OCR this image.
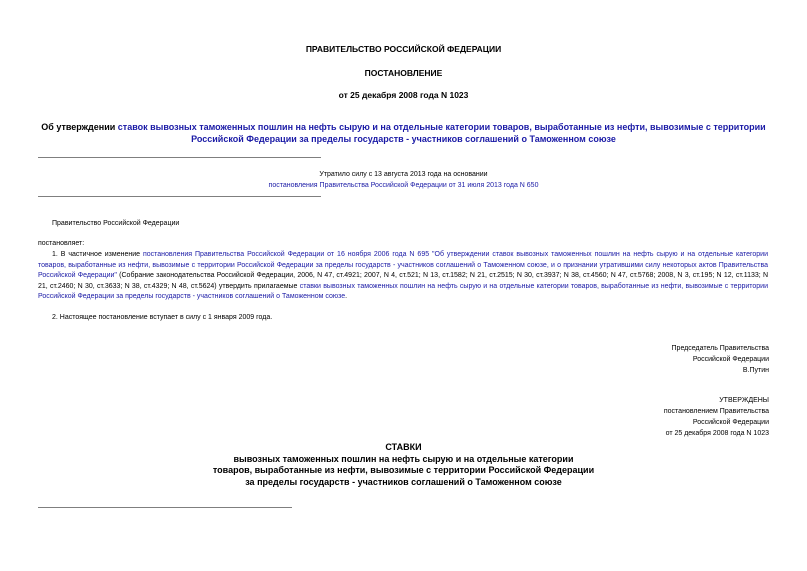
ПРАВИТЕЛЬСТВО РОССИЙСКОЙ ФЕДЕРАЦИИ
ПОСТАНОВЛЕНИЕ
от 25 декабря 2008 года N 1023
Об утверждении ставок вывозных таможенных пошлин на нефть сырую и на отдельные категории товаров, выработанные из нефти, вывозимые с территории
Российской Федерации за пределы государств - участников соглашений о Таможенном союзе
Утратило силу с 13 августа 2013 года на основании
постановления Правительства Российской Федерации от 31 июля 2013 года N 650
Правительство Российской Федерации
постановляет:
1. В частичное изменение постановления Правительства Российской Федерации от 16 ноября 2006 года N 695 "Об утверждении ставок вывозных таможенных пошлин на нефть сырую и на отдельные категории товаров, выработанные из нефти, вывозимые с территории Российской Федерации за пределы государств - участников соглашений о Таможенном союзе, и о признании утратившими силу некоторых актов Правительства Российской Федерации" (Собрание законодательства Российской Федерации, 2006, N 47, ст.4921; 2007, N 4, ст.521; N 13, ст.1582; N 21, ст.2515; N 30, ст.3937; N 38, ст.4560; N 47, ст.5768; 2008, N 3, ст.195; N 12, ст.1133; N 21, ст.2460; N 30, ст.3633; N 38, ст.4329; N 48, ст.5624) утвердить прилагаемые ставки вывозных таможенных пошлин на нефть сырую и на отдельные категории товаров, выработанные из нефти, вывозимые с территории Российской Федерации за пределы государств - участников соглашений о Таможенном союзе.
2. Настоящее постановление вступает в силу с 1 января 2009 года.
Председатель Правительства
Российской Федерации
В.Путин
УТВЕРЖДЕНЫ
постановлением Правительства
Российской Федерации
от 25 декабря 2008 года N 1023
СТАВКИ
вывозных таможенных пошлин на нефть сырую и на отдельные категории
товаров, выработанные из нефти, вывозимые с территории Российской Федерации
за пределы государств - участников соглашений о Таможенном союзе
